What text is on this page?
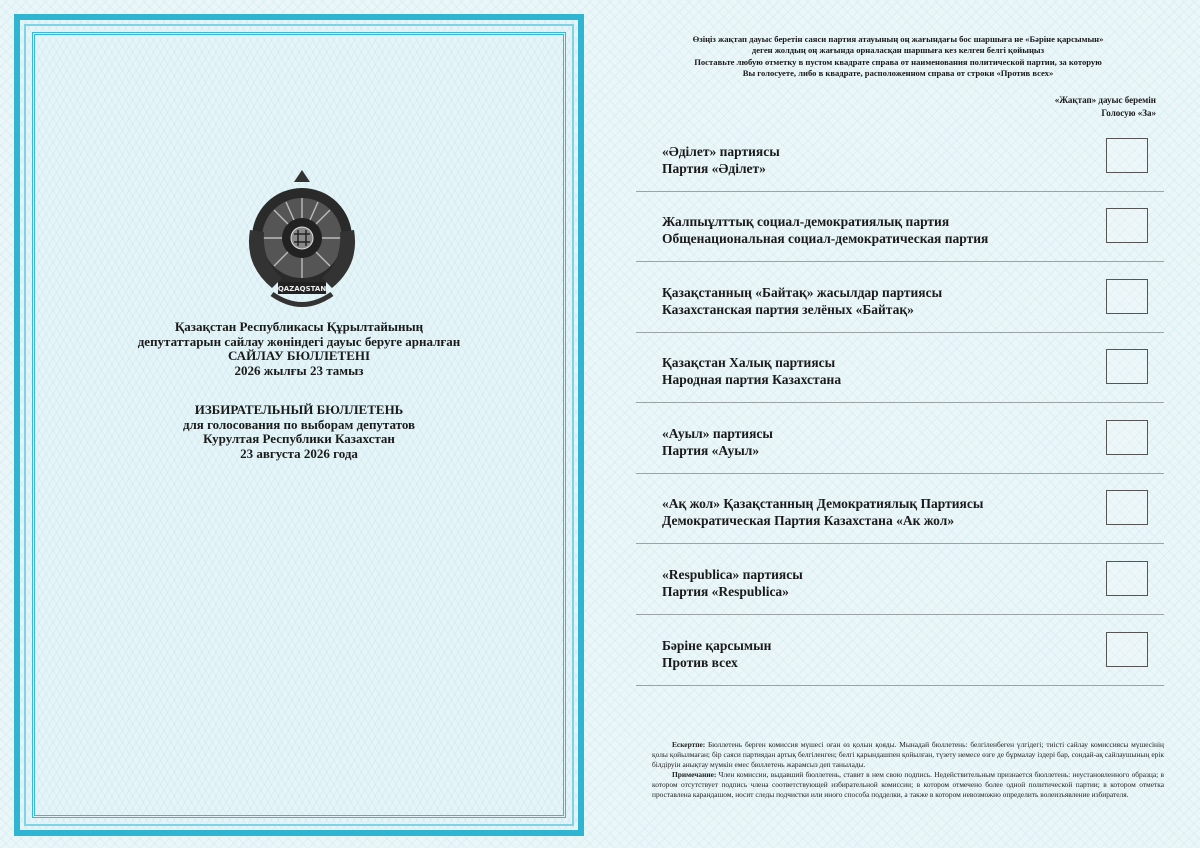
QAZAQSTAN
Қазақстан Республикасы Құрылтайының
депутаттарын сайлау жөніндегі дауыс беруге арналған
САЙЛАУ БЮЛЛЕТЕНІ
2026 жылғы 23 тамыз
ИЗБИРАТЕЛЬНЫЙ БЮЛЛЕТЕНЬ
для голосования по выборам депутатов
Курултая Республики Казахстан
23 августа 2026 года
Өзіңіз жақтап дауыс беретін саяси партия атауының оң жағындағы бос шаршыға не «Бәріне қарсымын»
деген жолдың оң жағында орналасқан шаршыға кез келген белгі қойыңыз
Поставьте любую отметку в пустом квадрате справа от наименования политической партии, за которую
Вы голосуете, либо в квадрате, расположенном справа от строки «Против всех»
«Жақтап» дауыс беремін
Голосую «За»
«Әділет» партиясы
Партия «Әділет»
Жалпыұлттық социал-демократиялық партия
Общенациональная социал-демократическая партия
Қазақстанның «Байтақ» жасылдар партиясы
Казахстанская партия зелёных «Байтақ»
Қазақстан Халық партиясы
Народная партия Казахстана
«Ауыл» партиясы
Партия «Ауыл»
«Ақ жол» Қазақстанның Демократиялық Партиясы
Демократическая Партия Казахстана «Ак жол»
«Respublica» партиясы
Партия «Respublica»
Бәріне қарсымын
Против всех

Ескертпе: Бюллетень берген комиссия мүшесі оған өз қолын қояды. Мынадай бюллетень: белгіленбеген үлгідегі; тиісті сайлау комиссиясы мүшесінің қолы қойылмаған; бір саяси партиядан артық белгіленген; белгі қарындашпен қойылған, түзету немесе өзге де бұрмалау іздері бар, сондай-ақ сайлаушының ерік білдіруін анықтау мүмкін емес бюллетень жарамсыз деп танылады.

Примечание: Член комиссии, выдавший бюллетень, ставит в нем свою подпись. Недействительным признается бюллетень: неустановленного образца; в котором отсутствует подпись члена соответствующей избирательной комиссии; в котором отмечено более одной политической партии; в котором отметка проставлена карандашом, носит следы подчистки или иного способа подделки, а также в котором невозможно определить волеизъявление избирателя.
